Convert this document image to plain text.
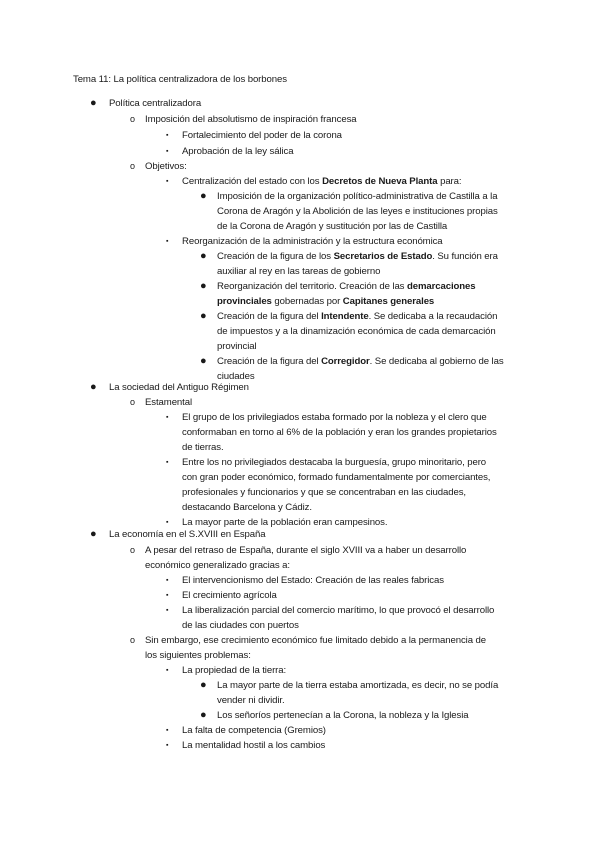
Tema 11: La política centralizadora de los borbones
● Política centralizadora
o Imposición del absolutismo de inspiración francesa
▪ Fortalecimiento del poder de la corona
▪ Aprobación de la ley sálica
o Objetivos:
▪ Centralización del estado con los Decretos de Nueva Planta para:
● Imposición de la organización político-administrativa de Castilla a la
Corona de Aragón y la Abolición de las leyes e instituciones propias
de la Corona de Aragón y sustitución por las de Castilla
▪ Reorganización de la administración y la estructura económica
● Creación de la figura de los Secretarios de Estado. Su función era
auxiliar al rey en las tareas de gobierno
● Reorganización del territorio. Creación de las demarcaciones
provinciales gobernadas por Capitanes generales
● Creación de la figura del Intendente. Se dedicaba a la recaudación
de impuestos y a la dinamización económica de cada demarcación
provincial
● Creación de la figura del Corregidor. Se dedicaba al gobierno de las
ciudades
● La sociedad del Antiguo Régimen
o Estamental
▪ El grupo de los privilegiados estaba formado por la nobleza y el clero que
conformaban en torno al 6% de la población y eran los grandes propietarios
de tierras.
▪ Entre los no privilegiados destacaba la burguesía, grupo minoritario, pero
con gran poder económico, formado fundamentalmente por comerciantes,
profesionales y funcionarios y que se concentraban en las ciudades,
destacando Barcelona y Cádiz.
▪ La mayor parte de la población eran campesinos.
● La economía en el S.XVIII en España
o A pesar del retraso de España, durante el siglo XVIII va a haber un desarrollo
económico generalizado gracias a:
▪ El intervencionismo del Estado: Creación de las reales fabricas
▪ El crecimiento agrícola
▪ La liberalización parcial del comercio marítimo, lo que provocó el desarrollo
de las ciudades con puertos
o Sin embargo, ese crecimiento económico fue limitado debido a la permanencia de
los siguientes problemas:
▪ La propiedad de la tierra:
● La mayor parte de la tierra estaba amortizada, es decir, no se podía
vender ni dividir.
● Los señoríos pertenecían a la Corona, la nobleza y la Iglesia
▪ La falta de competencia (Gremios)
▪ La mentalidad hostil a los cambios
